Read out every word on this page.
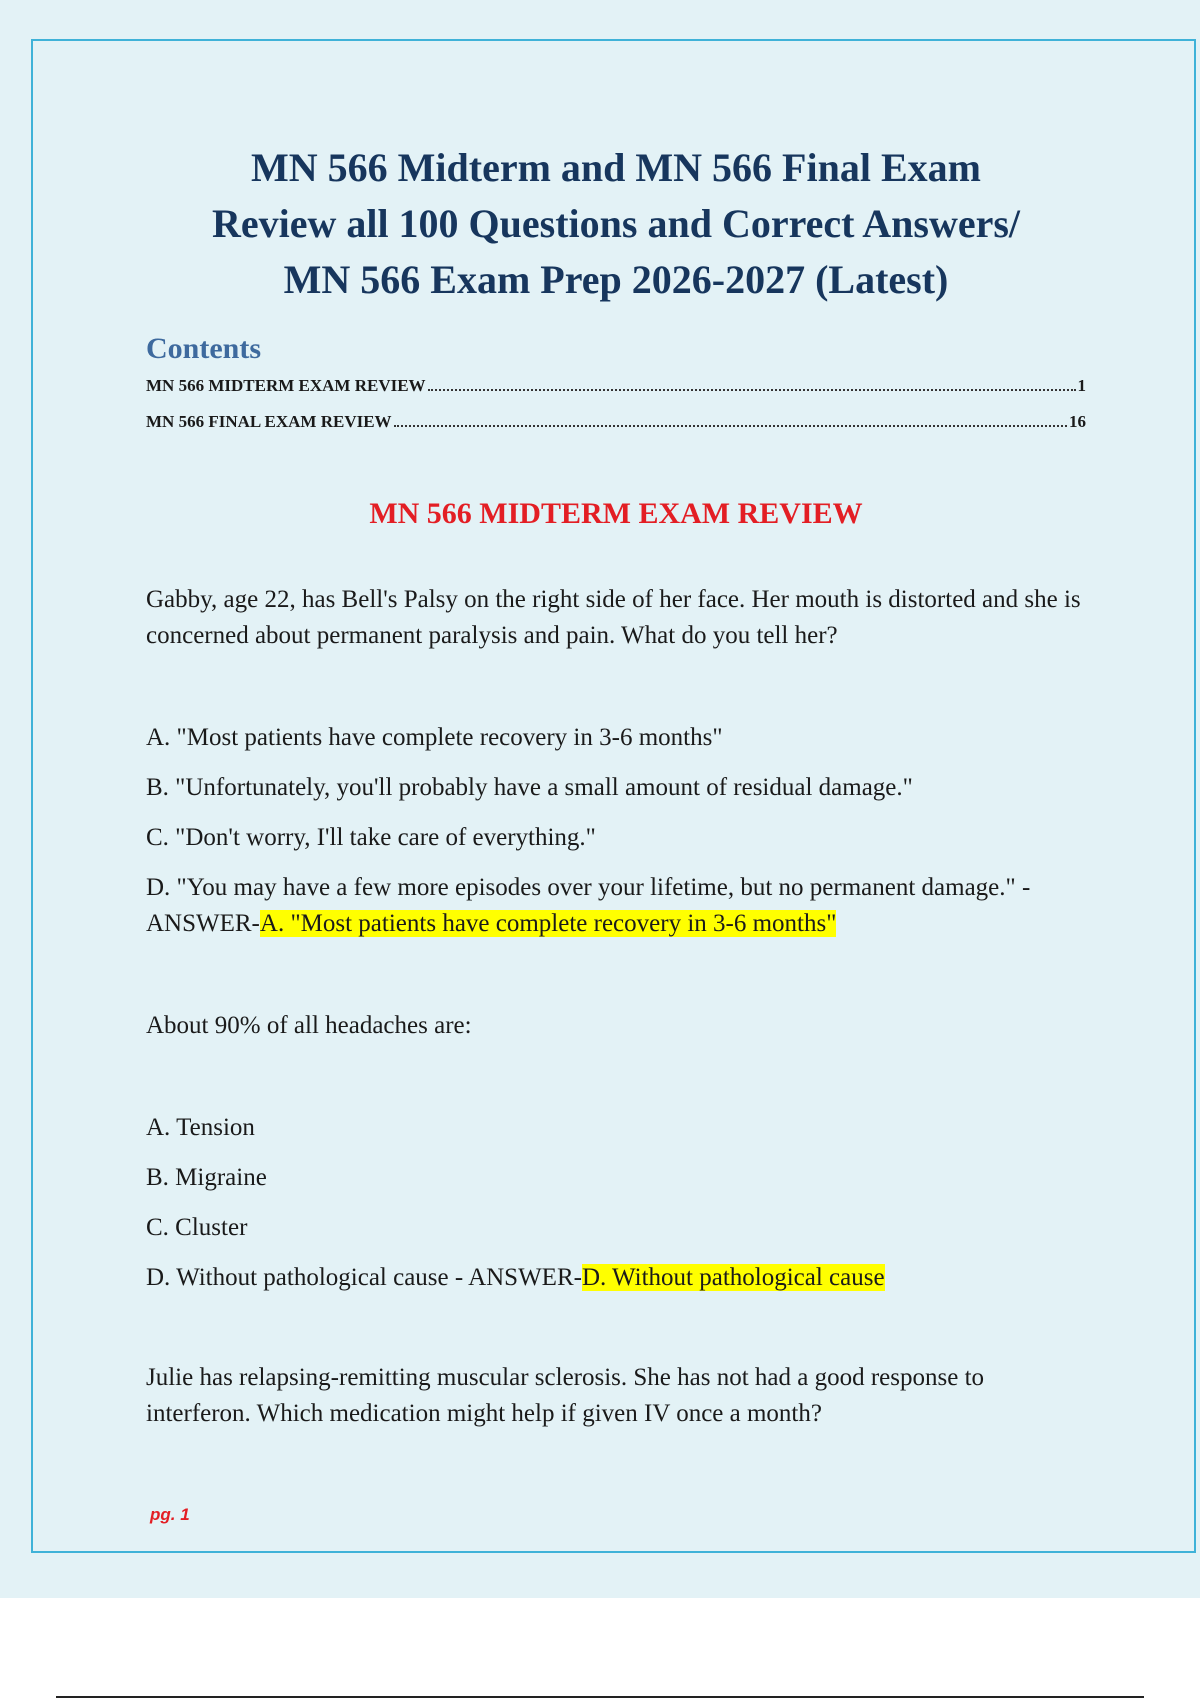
MN 566 Midterm and MN 566 Final Exam
Review all 100 Questions and Correct Answers/
MN 566 Exam Prep 2026-2027 (Latest)
Contents
MN 566 MIDTERM EXAM REVIEW	1
MN 566 FINAL EXAM REVIEW	16
MN 566 MIDTERM EXAM REVIEW
Gabby, age 22, has Bell's Palsy on the right side of her face. Her mouth is distorted and she is concerned about permanent paralysis and pain. What do you tell her?
A. "Most patients have complete recovery in 3-6 months"
B. "Unfortunately, you'll probably have a small amount of residual damage."
C. "Don't worry, I'll take care of everything."
D. "You may have a few more episodes over your lifetime, but no permanent damage." - ANSWER-A. "Most patients have complete recovery in 3-6 months"
About 90% of all headaches are:
A. Tension
B. Migraine
C. Cluster
D. Without pathological cause - ANSWER-D. Without pathological cause
Julie has relapsing-remitting muscular sclerosis. She has not had a good response to interferon. Which medication might help if given IV once a month?
pg. 1
